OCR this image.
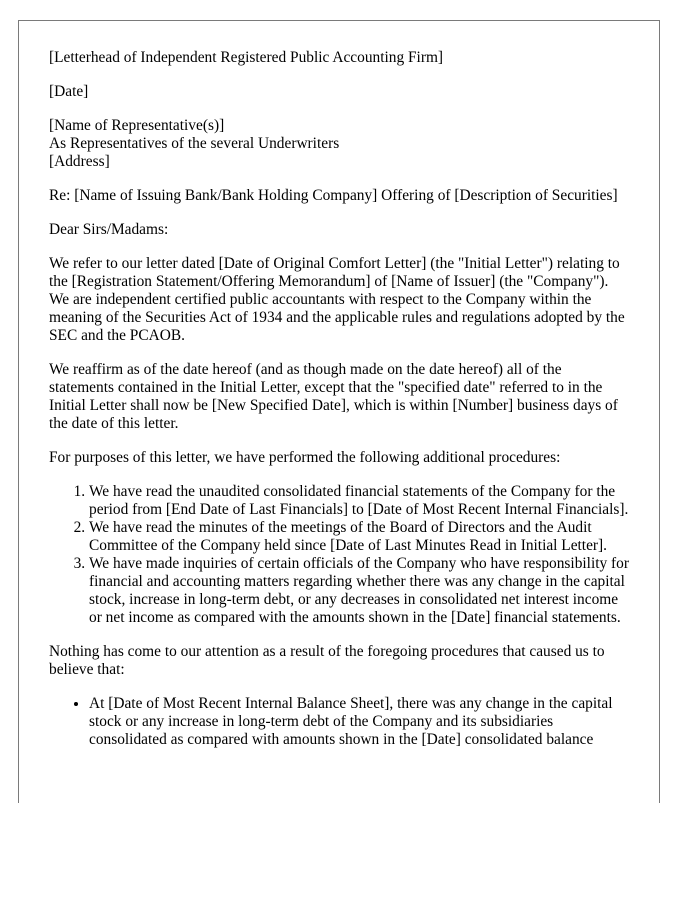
[Letterhead of Independent Registered Public Accounting Firm]

[Date]

[Name of Representative(s)]
As Representatives of the several Underwriters
[Address]

Re: [Name of Issuing Bank/Bank Holding Company] Offering of [Description of Securities]

Dear Sirs/Madams:

We refer to our letter dated [Date of Original Comfort Letter] (the "Initial Letter") relating to the [Registration Statement/Offering Memorandum] of [Name of Issuer] (the "Company"). We are independent certified public accountants with respect to the Company within the meaning of the Securities Act of 1934 and the applicable rules and regulations adopted by the SEC and the PCAOB.

We reaffirm as of the date hereof (and as though made on the date hereof) all of the statements contained in the Initial Letter, except that the "specified date" referred to in the Initial Letter shall now be [New Specified Date], which is within [Number] business days of the date of this letter.

For purposes of this letter, we have performed the following additional procedures:

1. We have read the unaudited consolidated financial statements of the Company for the period from [End Date of Last Financials] to [Date of Most Recent Internal Financials].
2. We have read the minutes of the meetings of the Board of Directors and the Audit Committee of the Company held since [Date of Last Minutes Read in Initial Letter].
3. We have made inquiries of certain officials of the Company who have responsibility for financial and accounting matters regarding whether there was any change in the capital stock, increase in long-term debt, or any decreases in consolidated net interest income or net income as compared with the amounts shown in the [Date] financial statements.

Nothing has come to our attention as a result of the foregoing procedures that caused us to believe that:

• At [Date of Most Recent Internal Balance Sheet], there was any change in the capital stock or any increase in long-term debt of the Company and its subsidiaries consolidated as compared with amounts shown in the [Date] consolidated balance
